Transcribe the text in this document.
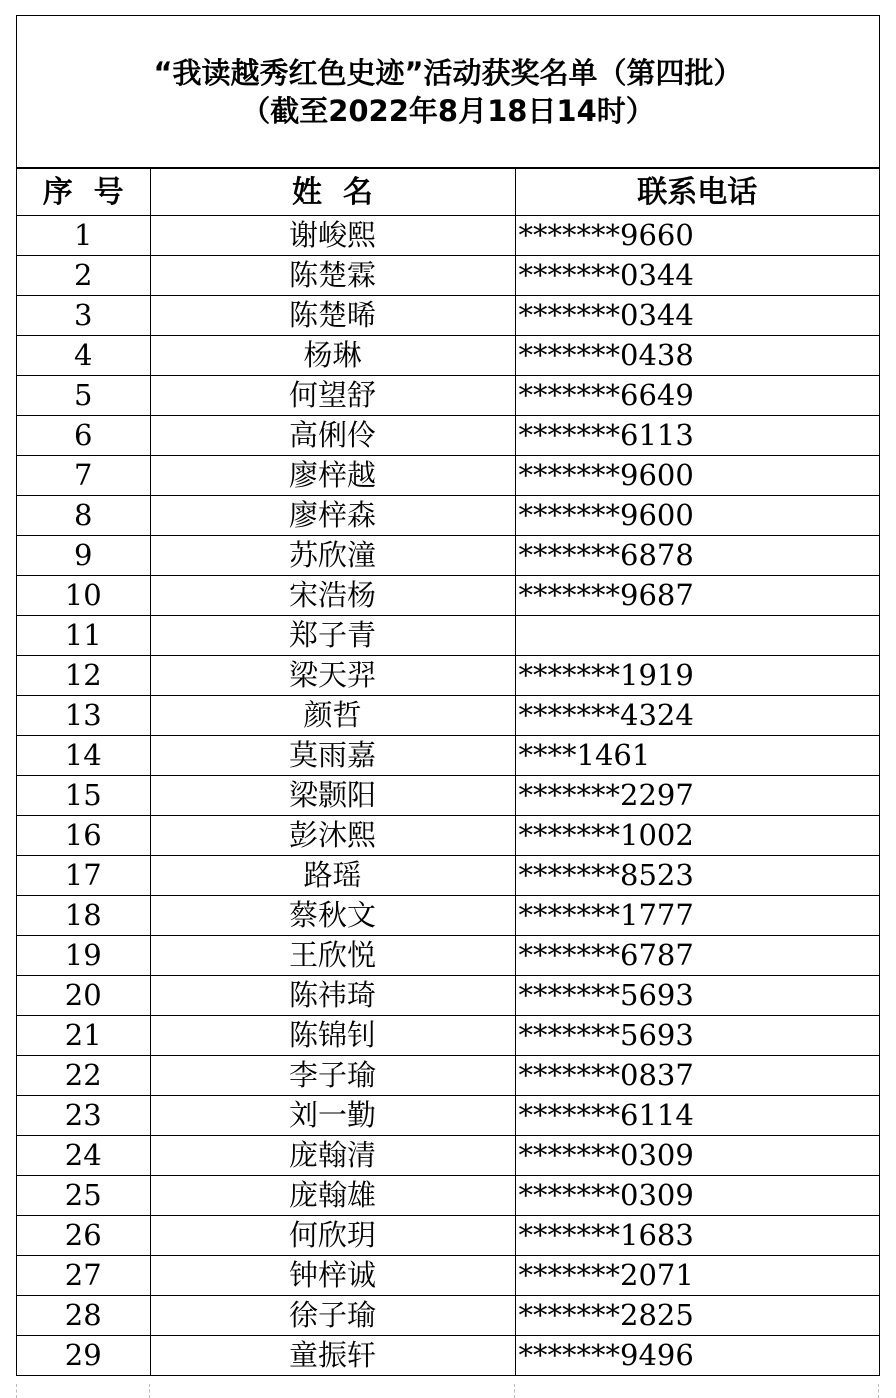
“我读越秀红色史迹”活动获奖名单（第四批）
（截至2022年8月18日14时）
序  号	姓  名	联系电话
1	谢峻熙	*******9660
2	陈楚霖	*******0344
3	陈楚晞	*******0344
4	杨琳	*******0438
5	何望舒	*******6649
6	高俐伶	*******6113
7	廖梓越	*******9600
8	廖梓森	*******9600
9	苏欣潼	*******6878
10	宋浩杨	*******9687
11	郑子青	
12	梁天羿	*******1919
13	颜哲	*******4324
14	莫雨嘉	****1461
15	梁颢阳	*******2297
16	彭沐熙	*******1002
17	路瑶	*******8523
18	蔡秋文	*******1777
19	王欣悦	*******6787
20	陈祎琦	*******5693
21	陈锦钊	*******5693
22	李子瑜	*******0837
23	刘一勤	*******6114
24	庞翰清	*******0309
25	庞翰雄	*******0309
26	何欣玥	*******1683
27	钟梓诚	*******2071
28	徐子瑜	*******2825
29	童振轩	*******9496
